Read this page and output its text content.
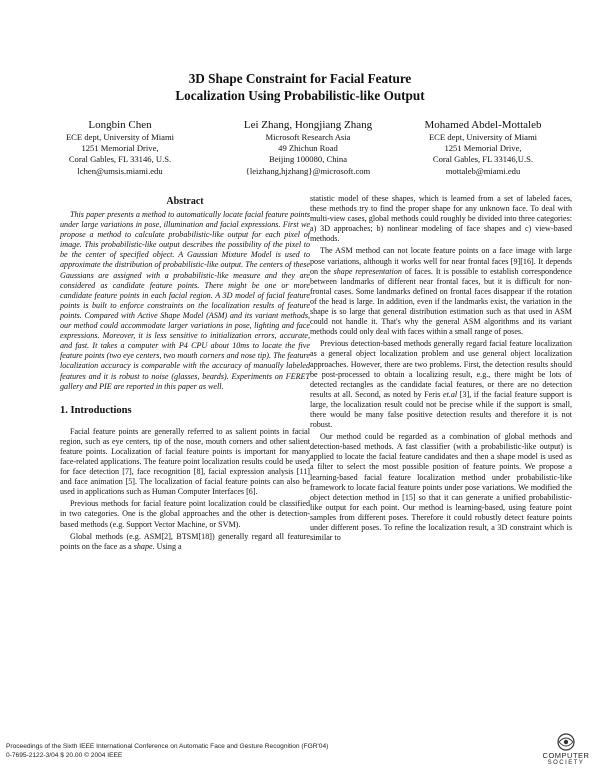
3D Shape Constraint for Facial Feature
Localization Using Probabilistic-like Output
Longbin Chen
ECE dept, University of Miami
1251 Memorial Drive,
Coral Gables, FL 33146, U.S.
lchen@umsis.miami.edu
Lei Zhang, Hongjiang Zhang
Microsoft Research Asia
49 Zhichun Road
Beijing 100080, China
{leizhang,hjzhang}@microsoft.com
Mohamed Abdel-Mottaleb
ECE dept, University of Miami
1251 Memorial Drive,
Coral Gables, FL 33146,U.S.
mottaleb@miami.edu
Abstract

This paper presents a method to automatically locate facial feature points under large variations in pose, illumination and facial expressions. First we propose a method to calculate probabilistic-like output for each pixel of image. This probabilistic-like output describes the possibility of the pixel to be the center of specified object. A Gaussian Mixture Model is used to approximate the distribution of probabilistic-like output. The centers of these Gaussians are assigned with a probabilistic-like measure and they are considered as candidate feature points. There might be one or more candidate feature points in each facial region. A 3D model of facial feature points is built to enforce constraints on the localization results of feature points. Compared with Active Shape Model (ASM) and its variant methods, our method could accommodate larger variations in pose, lighting and face expressions. Moreover, it is less sensitive to initialization errors, accurate, and fast. It takes a computer with P4 CPU about 10ms to locate the five feature points (two eye centers, two mouth corners and nose tip). The feature localization accuracy is comparable with the accuracy of manually labeled features and it is robust to noise (glasses, beards). Experiments on FERET gallery and PIE are reported in this paper as well.

1. Introductions

Facial feature points are generally referred to as salient points in facial region, such as eye centers, tip of the nose, mouth corners and other salient feature points. Localization of facial feature points is important for many face-related applications. The feature point localization results could be used for face detection [7], face recognition [8], facial expression analysis [11] and face animation [5]. The localization of facial feature points can also be used in applications such as Human Computer Interfaces [6].

Previous methods for facial feature point localization could be classified in two categories. One is the global approaches and the other is detection-based methods (e.g. Support Vector Machine, or SVM).

Global methods (e.g. ASM[2], BTSM[18]) generally regard all feature points on the face as a shape. Using a

statistic model of these shapes, which is learned from a set of labeled faces, these methods try to find the proper shape for any unknown face. To deal with multi-view cases, global methods could roughly be divided into three categories: a) 3D approaches; b) nonlinear modeling of face shapes and c) view-based methods.

The ASM method can not locate feature points on a face image with large pose variations, although it works well for near frontal faces [9][16]. It depends on the shape representation of faces. It is possible to establish correspondence between landmarks of different near frontal faces, but it is difficult for non-frontal cases. Some landmarks defined on frontal faces disappear if the rotation of the head is large. In addition, even if the landmarks exist, the variation in the shape is so large that general distribution estimation such as that used in ASM could not handle it. That's why the general ASM algorithms and its variant methods could only deal with faces within a small range of poses.

Previous detection-based methods generally regard facial feature localization as a general object localization problem and use general object localization approaches. However, there are two problems. First, the detection results should be post-processed to obtain a localizing result, e.g., there might be lots of detected rectangles as the candidate facial features, or there are no detection results at all. Second, as noted by Feris et.al [3], if the facial feature support is large, the localization result could not be precise while if the support is small, there would be many false positive detection results and therefore it is not robust.

Our method could be regarded as a combination of global methods and detection-based methods. A fast classifier (with a probabilistic-like output) is applied to locate the facial feature candidates and then a shape model is used as a filter to select the most possible position of feature points. We propose a learning-based facial feature localization method under probabilistic-like framework to locate facial feature points under pose variations. We modified the object detection method in [15] so that it can generate a unified probabilistic-like output for each point. Our method is learning-based, using feature point samples from different poses. Therefore it could robustly detect feature points under different poses. To refine the localization result, a 3D constraint which is similar to

Proceedings of the Sixth IEEE International Conference on Automatic Face and Gesture Recognition (FGR'04)
0-7695-2122-3/04 $ 20.00 © 2004 IEEE	COMPUTER
SOCIETY
